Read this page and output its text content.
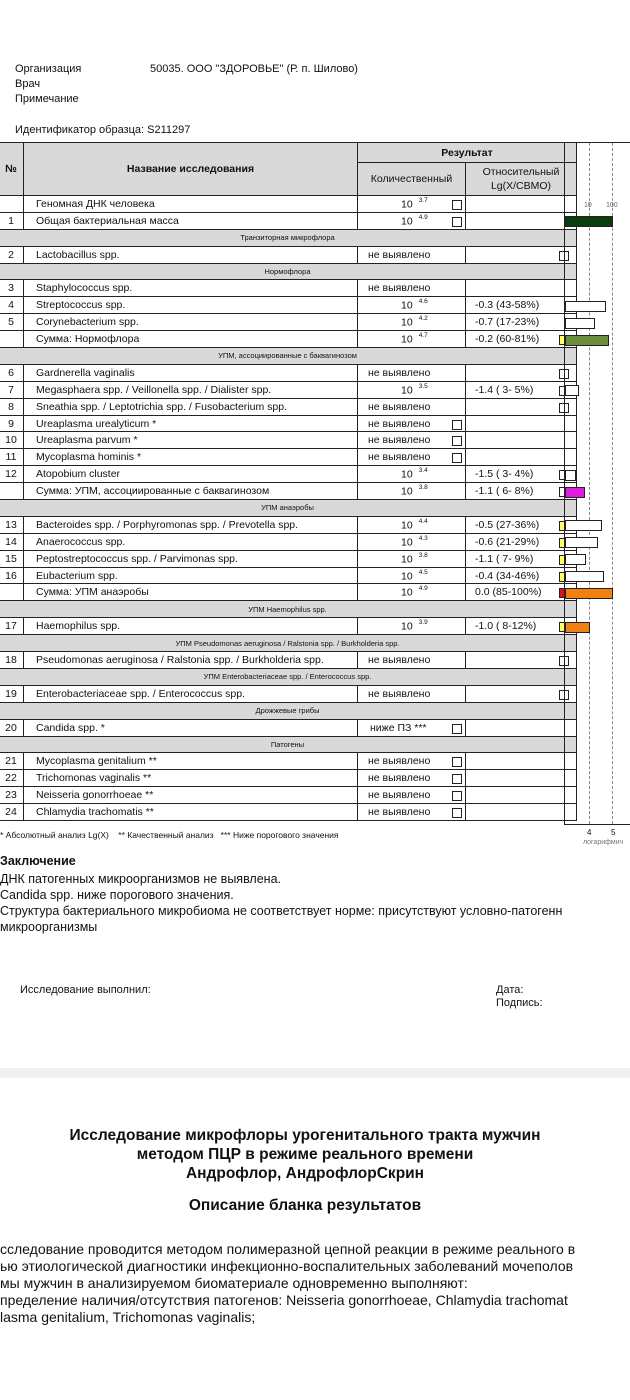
Организация	50035. ООО "ЗДОРОВЬЕ" (Р. п. Шилово)
Врач
Примечание
Идентификатор образца: S211297
№	Название исследования	Результат	
		Количественный	Относительный
Lg(X/СВМО)
	Геномная ДНК человека	10 $^{3.7}$

1	Общая бактериальная масса	10 $^{4.9}$

Транзиторная микрофлора			
2	Lactobacillus spp.	не выявлено	

Нормофлора			
3	Staphylococcus spp.	не выявлено	

4	Streptococcus spp.	10 $^{4.6}$	-0.3 (43-58%)

5	Corynebacterium spp.	10 $^{4.2}$	-0.7 (17-23%)

	Сумма: Нормофлора	10 $^{4.7}$	-0.2 (60-81%)

УПМ, ассоциированные с баквагинозом			
6	Gardnerella vaginalis	не выявлено	

7	Megasphaera spp. / Veillonella spp. / Dialister spp.	10 $^{3.5}$	-1.4 ( 3- 5%)

8	Sneathia spp. / Leptotrichia spp. / Fusobacterium spp.	не выявлено	

9	Ureaplasma urealyticum *	не выявлено	

10	Ureaplasma parvum *	не выявлено	

11	Mycoplasma hominis *	не выявлено	

12	Atopobium cluster	10 $^{3.4}$	-1.5 ( 3- 4%)

	Сумма: УПМ, ассоциированные с баквагинозом	10 $^{3.8}$	-1.1 ( 6- 8%)

УПМ анаэробы			
13	Bacteroides spp. / Porphyromonas spp. / Prevotella spp.	10 $^{4.4}$	-0.5 (27-36%)

14	Anaerococcus spp.	10 $^{4.3}$	-0.6 (21-29%)

15	Peptostreptococcus spp. / Parvimonas spp.	10 $^{3.8}$	-1.1 ( 7- 9%)

16	Eubacterium spp.	10 $^{4.5}$	-0.4 (34-46%)

	Сумма: УПМ анаэробы	10 $^{4.9}$	0.0 (85-100%)

УПМ Haemophilus spp.			
17	Haemophilus spp.	10 $^{3.9}$	-1.0 ( 8-12%)

УПМ Pseudomonas aeruginosa / Ralstonia spp. / Burkholderia spp.			
18	Pseudomonas aeruginosa / Ralstonia spp. / Burkholderia spp.	не выявлено	

УПМ Enterobacteriaceae spp. / Enterococcus spp.			
19	Enterobacteriaceae spp. / Enterococcus spp.	не выявлено	

Дрожжевые грибы			
20	Candida spp. *	ниже ПЗ ***	

Патогены			
21	Mycoplasma genitalium **	не выявлено	

22	Trichomonas vaginalis **	не выявлено	

23	Neisseria gonorrhoeae **	не выявлено	

24	Chlamydia trachomatis **	не выявлено	

10 100
4 5
логарифмич
* Абсолютный анализ Lg(X)    ** Качественный анализ   *** Ниже порогового значения
Заключение
ДНК патогенных микроорганизмов не выявлена.
Candida spp. ниже порогового значения.
Структура бактериального микробиома не соответствует норме: присутствуют условно-патогенн
микроорганизмы
Исследование выполнил:	Дата:
Подпись:
Исследование микрофлоры урогенитального тракта мужчин
методом ПЦР в режиме реального времени
Андрофлор, АндрофлорСкрин
Описание бланка результатов
сследование проводится методом полимеразной цепной реакции в режиме реального в
ью этиологической диагностики инфекционно-воспалительных заболеваний мочеполов
мы мужчин в анализируемом биоматериале одновременно выполняют:
пределение наличия/отсутствия патогенов: Neisseria gonorrhoeae, Chlamydia trachomat
lasma genitalium, Trichomonas vaginalis;
